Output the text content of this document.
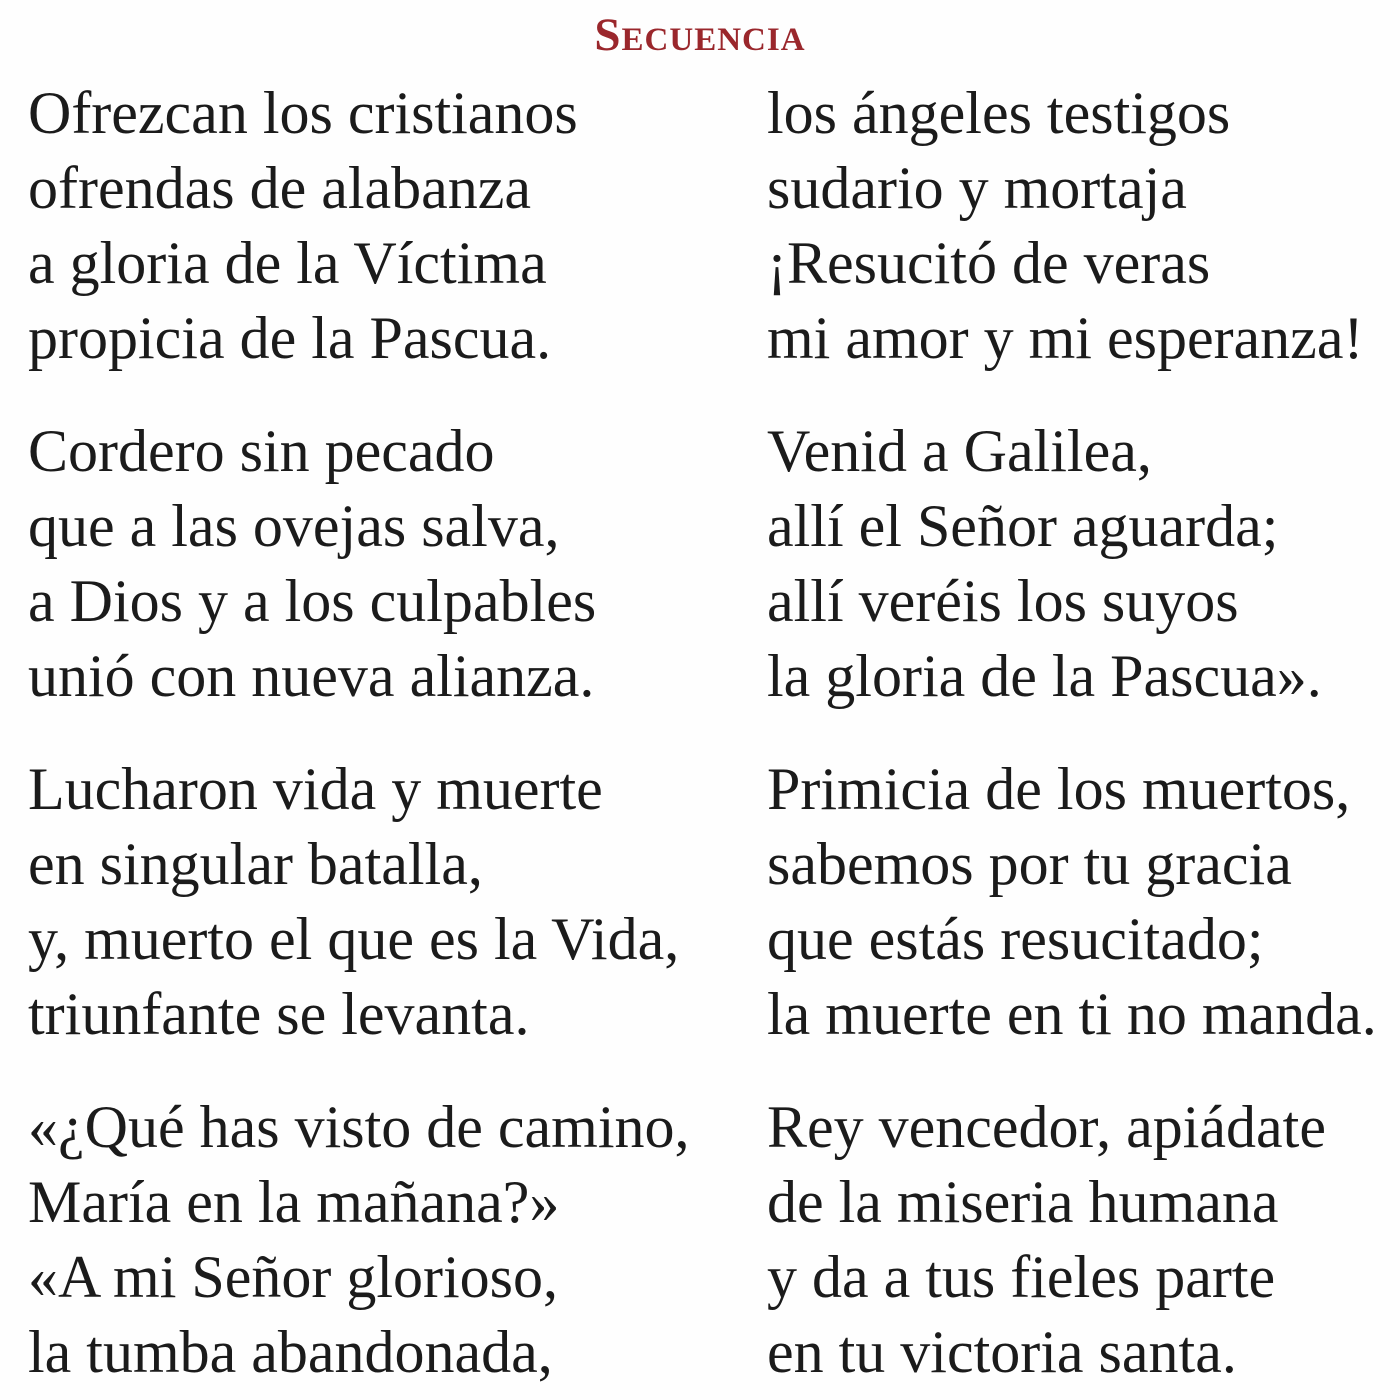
Secuencia
Ofrezcan los cristianos
ofrendas de alabanza
a gloria de la Víctima
propicia de la Pascua.
Cordero sin pecado
que a las ovejas salva,
a Dios y a los culpables
unió con nueva alianza.
Lucharon vida y muerte
en singular batalla,
y, muerto el que es la Vida,
triunfante se levanta.
«¿Qué has visto de camino,
María en la mañana?»
«A mi Señor glorioso,
la tumba abandonada,
los ángeles testigos
sudario y mortaja
¡Resucitó de veras
mi amor y mi esperanza!
Venid a Galilea,
allí el Señor aguarda;
allí veréis los suyos
la gloria de la Pascua».
Primicia de los muertos,
sabemos por tu gracia
que estás resucitado;
la muerte en ti no manda.
Rey vencedor, apiádate
de la miseria humana
y da a tus fieles parte
en tu victoria santa.
